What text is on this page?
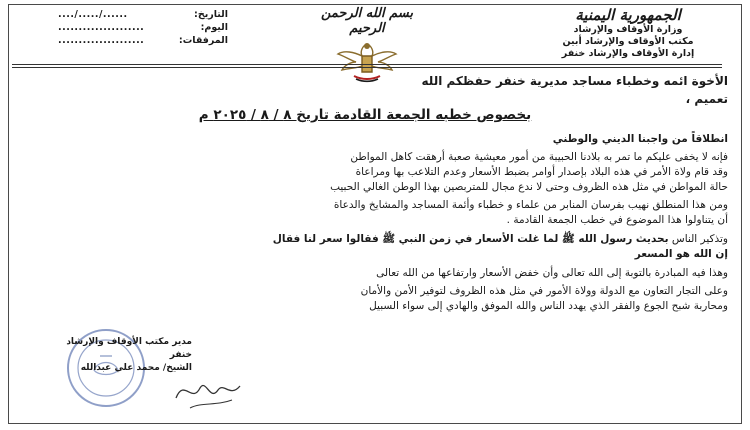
الجمهورية اليمنية
وزارة الأوقاف والإرشاد
مكتب الأوقاف والإرشاد أبين
إدارة الأوقاف والإرشاد خنفر
بسم الله الرحمن الرحيم
التاريخ:
..../...../......
اليوم:
.....................
المرفقات:
.....................
الأخوة ائمه وخطباء مساجد مديرية خنفر حفظكم الله
تعميم ،
بخصوص خطبه الجمعة القادمة تاريخ ٨ / ٨ / ٢٠٢٥ م
انطلاقاً من واجبنا الديني والوطني
فإنه لا يخفى عليكم ما تمر به بلادنا الحبيبة من أمور معيشية صعبة أرهقت كاهل المواطن
وقد قام ولاة الأمر في هذه البلاد بإصدار أوامر بضبط الأسعار وعدم التلاعب بها ومراعاة
حالة المواطن في مثل هذه الظروف وحتى لا ندع مجال للمتربصين بهذا الوطن الغالي الحبيب
ومن هذا المنطلق نهيب بفرسان المنابر من علماء و خطباء وأئمة المساجد والمشايخ والدعاة
أن يتناولوا هذا الموضوع في خطب الجمعة القادمة .
وتذكير الناس بحديث رسول الله ﷺ لما غلت الأسعار في زمن النبي ﷺ فقالوا سعر لنا فقال
إن الله هو المسعر
وهذا فيه المبادرة بالتوبة إلى الله تعالى وأن خفض الأسعار وارتفاعها من الله تعالى
وعلى التجار التعاون مع الدولة وولاة الأمور في مثل هذه الظروف لتوفير الأمن والأمان
ومحاربة شبح الجوع والفقر الذي يهدد الناس والله الموفق والهادي إلى سواء السبيل
مدير مكتب الأوقاف والإرشاد
خنفر
الشيخ/ محمد علي عبدالله
